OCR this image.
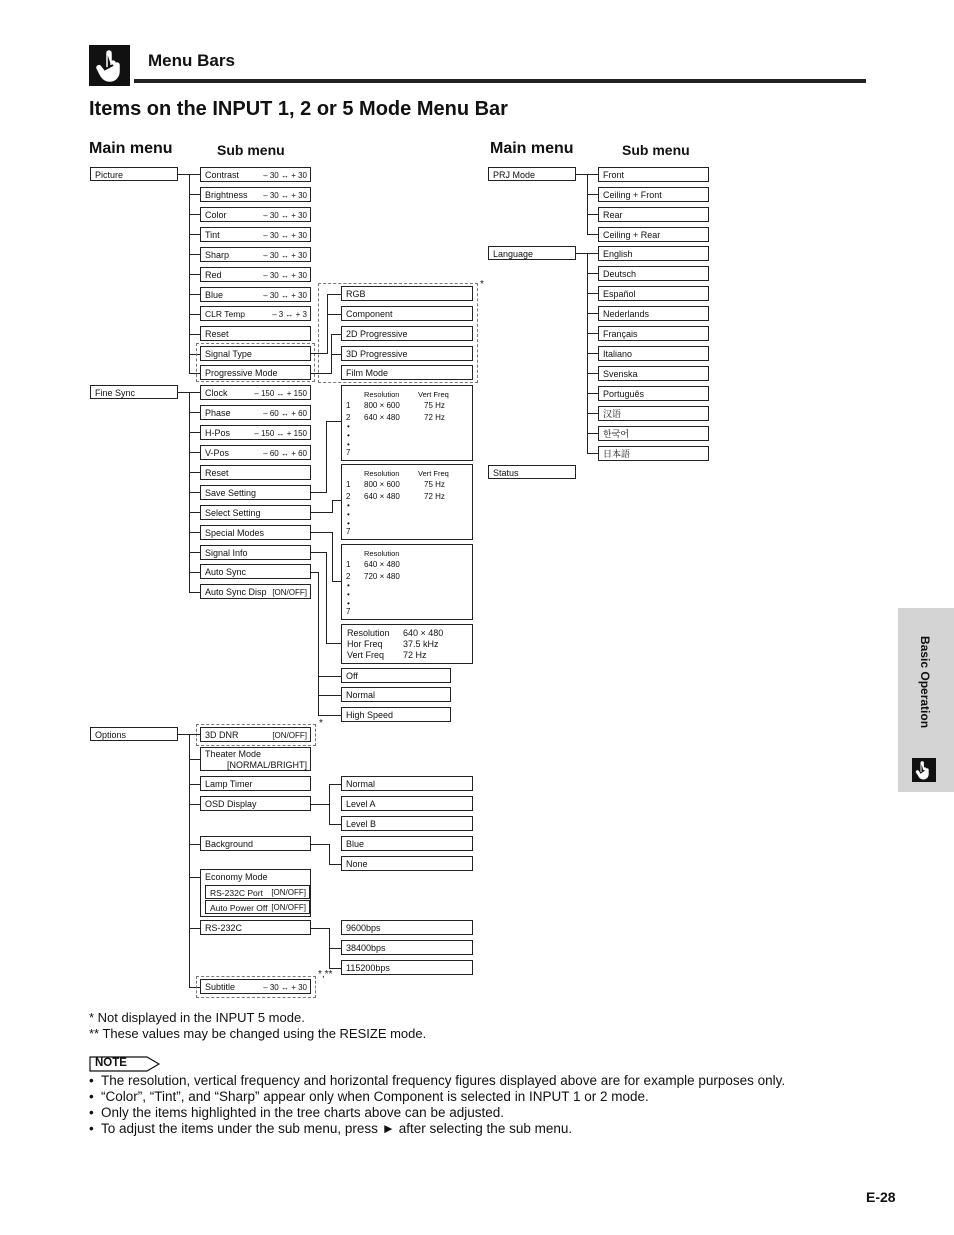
Menu Bars
Items on the INPUT 1, 2 or 5 Mode Menu Bar
Main menu	Sub menu	Main menu	Sub menu
Picture
Fine Sync
Options
Contrast	– 30 ↔ + 30
Brightness – 30 ↔ + 30
Color	– 30 ↔ + 30
Tint	– 30 ↔ + 30
Sharp	– 30 ↔ + 30
Red	– 30 ↔ + 30
Blue	– 30 ↔ + 30
CLR Temp	– 3 ↔ + 3
Reset
Signal Type
Progressive Mode
*
RGB
Component
2D Progressive
3D Progressive
Film Mode
Clock	– 150 ↔ + 150
Phase	– 60 ↔ + 60
H-Pos	– 150 ↔ + 150
V-Pos	– 60 ↔ + 60
Reset
Save Setting
Select Setting
Special Modes
Signal Info
Auto Sync
Auto Sync Disp [ON/OFF]
Resolution Vert Freq
1 800 × 600	75 Hz
2 640 × 480	72 Hz
•
•
•
7
Resolution Vert Freq
1 800 × 600	75 Hz
2 640 × 480	72 Hz
•
•
•
7
Resolution
1 640 × 480
2 720 × 480
•
•
•
7
Resolution 640 × 480
Hor Freq 37.5 kHz
Vert Freq 72 Hz
Off
Normal
High Speed
*
3D DNR	[ON/OFF]
Theater Mode
[NORMAL/BRIGHT]
Lamp Timer
OSD Display
Background
Economy Mode
RS-232C Port [ON/OFF]
Auto Power Off [ON/OFF]
RS-232C
*,**
Subtitle	– 30 ↔ + 30
Normal
Level A
Level B
Blue
None
9600bps
38400bps
115200bps
PRJ Mode
Language
Status
Front
Ceiling + Front
Rear
Ceiling + Rear
English
Deutsch
Español
Nederlands
Français
Italiano
Svenska
Português
汉语
한국어
日本語
Basic Operation
* Not displayed in the INPUT 5 mode.
** These values may be changed using the RESIZE mode.
NOTE
• The resolution, vertical frequency and horizontal frequency figures displayed above are for example purposes only.
• “Color”, “Tint”, and “Sharp” appear only when Component is selected in INPUT 1 or 2 mode.
• Only the items highlighted in the tree charts above can be adjusted.
• To adjust the items under the sub menu, press ► after selecting the sub menu.
E-28
